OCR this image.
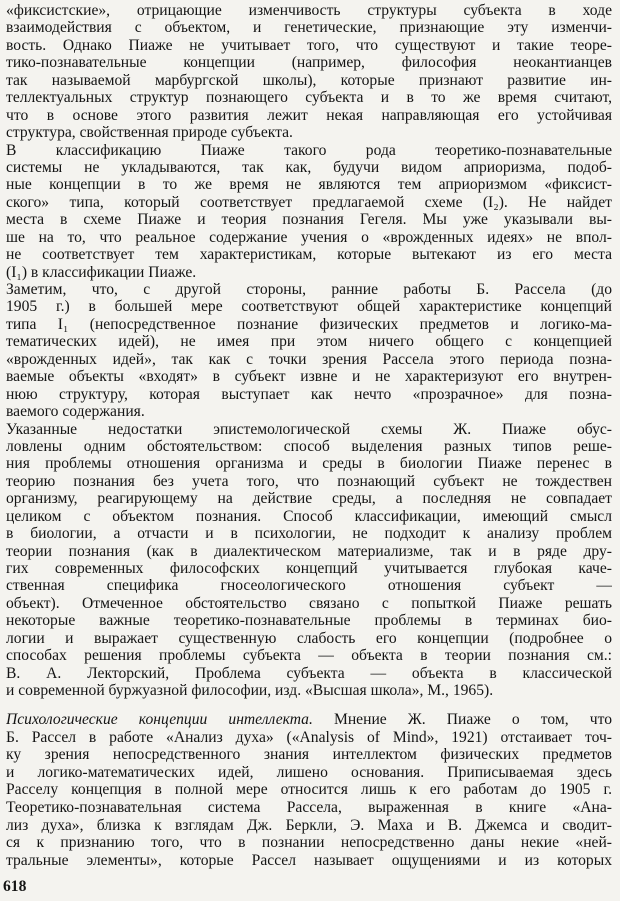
«фиксистские», отрицающие изменчивость структуры субъекта в ходе
взаимодействия с объектом, и генетические, признающие эту изменчи-
вость. Однако Пиаже не учитывает того, что существуют и такие теоре-
тико-познавательные концепции (например, философия неокантианцев
так называемой марбургской школы), которые признают развитие ин-
теллектуальных структур познающего субъекта и в то же время считают,
что в основе этого развития лежит некая направляющая его устойчивая
структура, свойственная природе субъекта.
В классификацию Пиаже такого рода теоретико-познавательные
системы не укладываются, так как, будучи видом априоризма, подоб-
ные концепции в то же время не являются тем априоризмом «фиксист-
ского» типа, который соответствует предлагаемой схеме (I₂). Не найдет
места в схеме Пиаже и теория познания Гегеля. Мы уже указывали вы-
ше на то, что реальное содержание учения о «врожденных идеях» не впол-
не соответствует тем характеристикам, которые вытекают из его места
(I₁) в классификации Пиаже.
Заметим, что, с другой стороны, ранние работы Б. Рассела (до
1905 г.) в большей мере соответствуют общей характеристике концепций
типа I₁ (непосредственное познание физических предметов и логико-ма-
тематических идей), не имея при этом ничего общего с концепцией
«врожденных идей», так как с точки зрения Рассела этого периода позна-
ваемые объекты «входят» в субъект извне и не характеризуют его внутрен-
нюю структуру, которая выступает как нечто «прозрачное» для позна-
ваемого содержания.
Указанные недостатки эпистемологической схемы Ж. Пиаже обус-
ловлены одним обстоятельством: способ выделения разных типов реше-
ния проблемы отношения организма и среды в биологии Пиаже перенес в
теорию познания без учета того, что познающий субъект не тождествен
организму, реагирующему на действие среды, а последняя не совпадает
целиком с объектом познания. Способ классификации, имеющий смысл
в биологии, а отчасти и в психологии, не подходит к анализу проблем
теории познания (как в диалектическом материализме, так и в ряде дру-
гих современных философских концепций учитывается глубокая каче-
ственная специфика гносеологического отношения субъект —
объект). Отмеченное обстоятельство связано с попыткой Пиаже решать
некоторые важные теоретико-познавательные проблемы в терминах био-
логии и выражает существенную слабость его концепции (подробнее о
способах решения проблемы субъекта — объекта в теории познания см.:
В. А. Лекторский, Проблема субъекта — объекта в классической
и современной буржуазной философии, изд. «Высшая школа», М., 1965).
Психологические концепции интеллекта. Мнение Ж. Пиаже о том, что
Б. Рассел в работе «Анализ духа» («Analysis of Mind», 1921) отстаивает точ-
ку зрения непосредственного знания интеллектом физических предметов
и логико-математических идей, лишено основания. Приписываемая здесь
Расселу концепция в полной мере относится лишь к его работам до 1905 г.
Теоретико-познавательная система Рассела, выраженная в книге «Ана-
лиз духа», близка к взглядам Дж. Беркли, Э. Маха и В. Джемса и сводит-
ся к признанию того, что в познании непосредственно даны некие «ней-
тральные элементы», которые Рассел называет ощущениями и из которых
618
